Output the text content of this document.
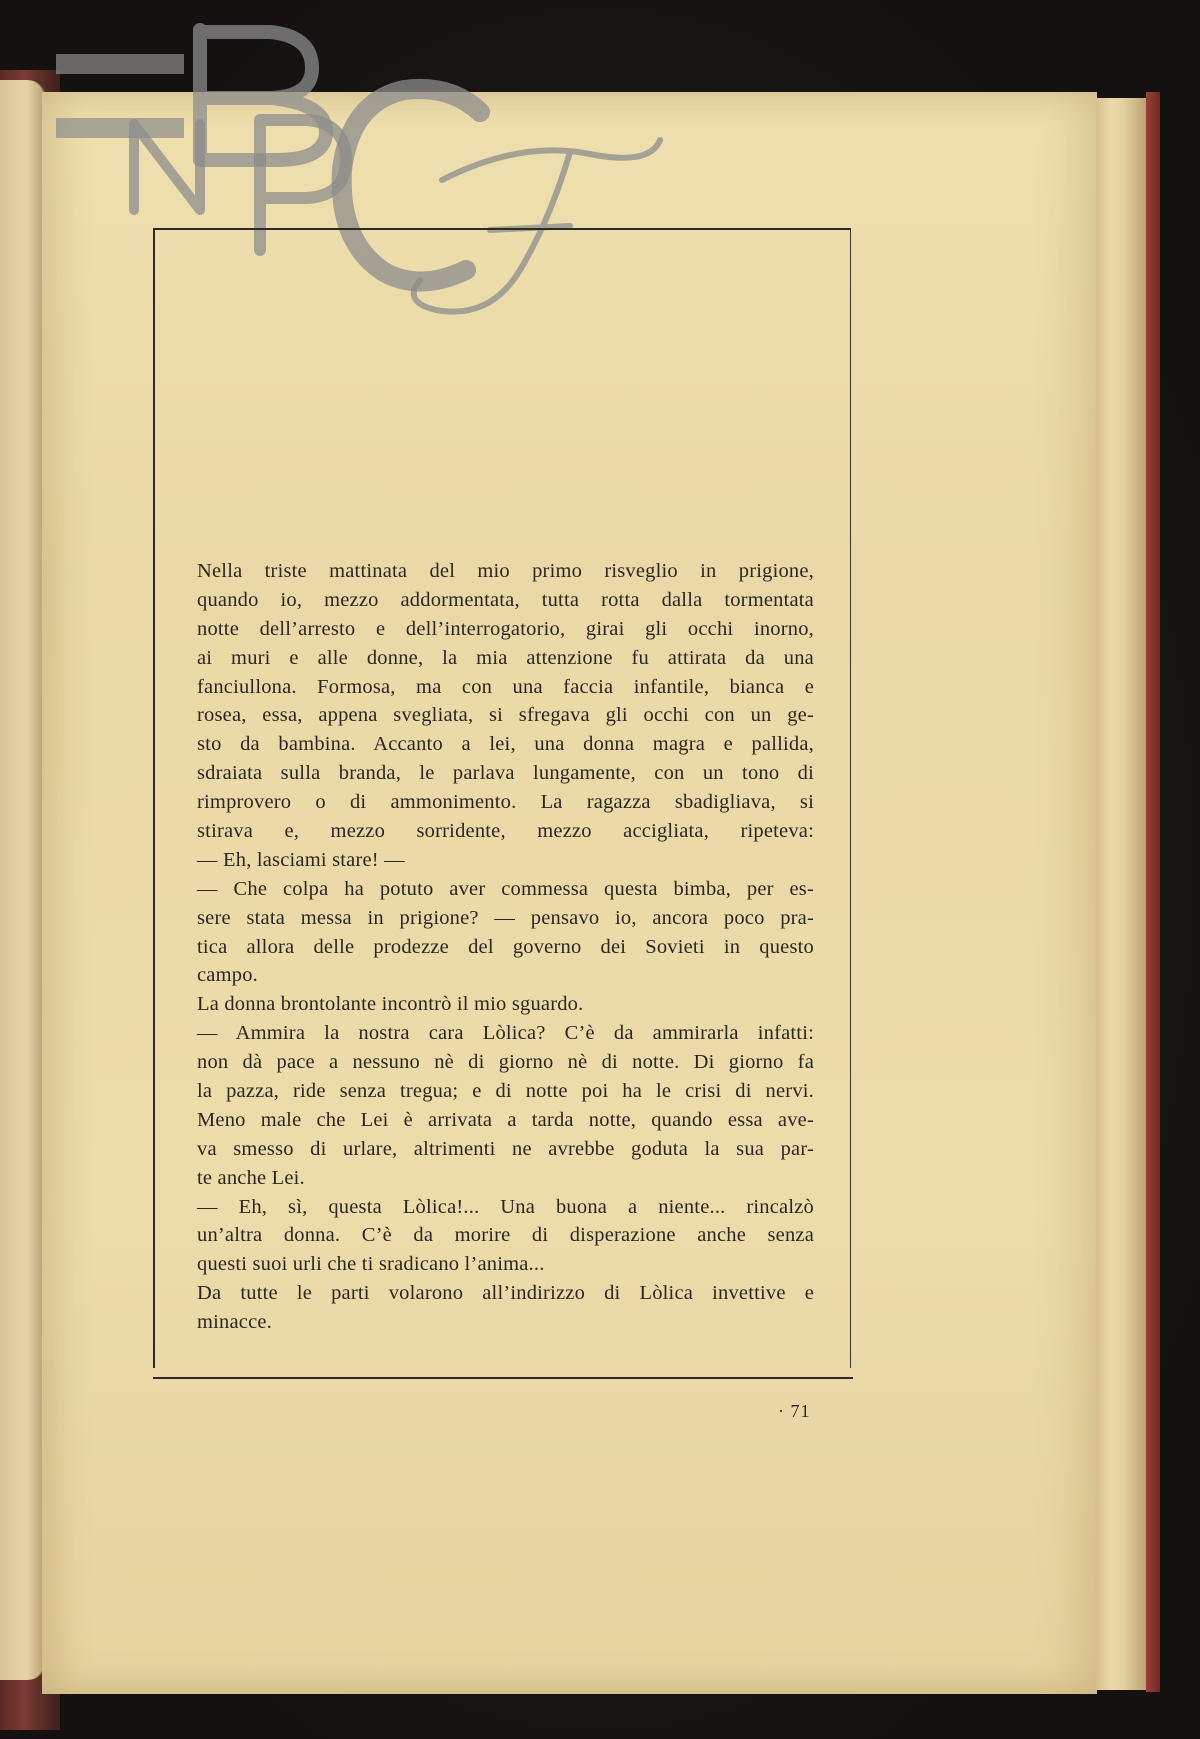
Nella triste mattinata del mio primo risveglio in prigione,
quando io, mezzo addormentata, tutta rotta dalla tormentata
notte dell’arresto e dell’interrogatorio, girai gli occhi inorno,
ai muri e alle donne, la mia attenzione fu attirata da una
fanciullona. Formosa, ma con una faccia infantile, bianca e
rosea, essa, appena svegliata, si sfregava gli occhi con un ge-
sto da bambina. Accanto a lei, una donna magra e pallida,
sdraiata sulla branda, le parlava lungamente, con un tono di
rimprovero o di ammonimento. La ragazza sbadigliava, si
stirava e, mezzo sorridente, mezzo accigliata, ripeteva:
— Eh, lasciami stare! —
— Che colpa ha potuto aver commessa questa bimba, per es-
sere stata messa in prigione? — pensavo io, ancora poco pra-
tica allora delle prodezze del governo dei Sovieti in questo
campo.
La donna brontolante incontrò il mio sguardo.
— Ammira la nostra cara Lòlica? C’è da ammirarla infatti:
non dà pace a nessuno nè di giorno nè di notte. Di giorno fa
la pazza, ride senza tregua; e di notte poi ha le crisi di nervi.
Meno male che Lei è arrivata a tarda notte, quando essa ave-
va smesso di urlare, altrimenti ne avrebbe goduta la sua par-
te anche Lei.
— Eh, sì, questa Lòlica!... Una buona a niente... rincalzò
un’altra donna. C’è da morire di disperazione anche senza
questi suoi urli che ti sradicano l’anima...
Da tutte le parti volarono all’indirizzo di Lòlica invettive e
minacce.
· 71
